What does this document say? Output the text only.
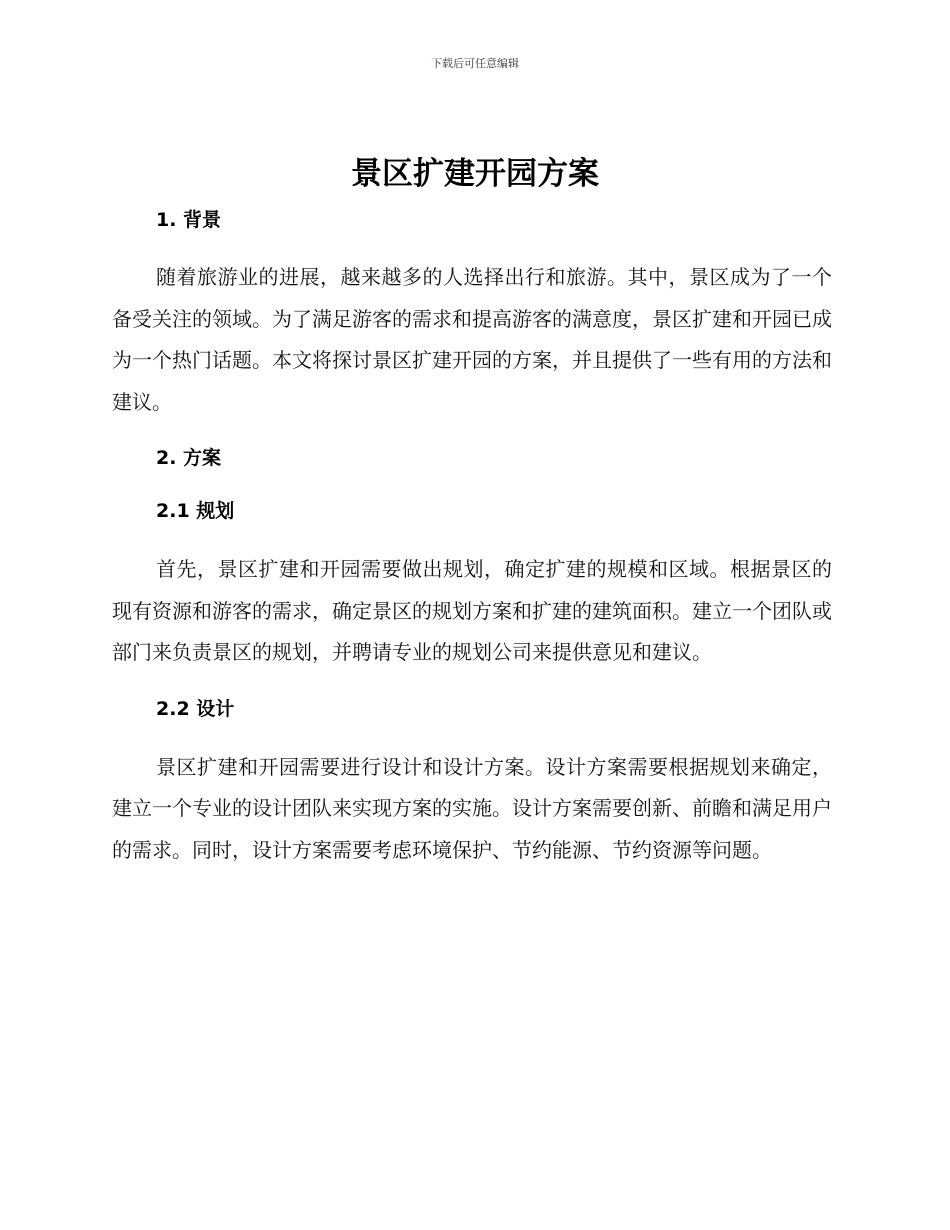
下载后可任意编辑
景区扩建开园方案

1. 背景

随着旅游业的进展，越来越多的人选择出行和旅游。其中，景区成为了一个备受关注的领域。为了满足游客的需求和提高游客的满意度，景区扩建和开园已成为一个热门话题。本文将探讨景区扩建开园的方案，并且提供了一些有用的方法和建议。

2. 方案

2.1 规划

首先，景区扩建和开园需要做出规划，确定扩建的规模和区域。根据景区的现有资源和游客的需求，确定景区的规划方案和扩建的建筑面积。建立一个团队或部门来负责景区的规划，并聘请专业的规划公司来提供意见和建议。

2.2 设计

景区扩建和开园需要进行设计和设计方案。设计方案需要根据规划来确定，建立一个专业的设计团队来实现方案的实施。设计方案需要创新、前瞻和满足用户的需求。同时，设计方案需要考虑环境保护、节约能源、节约资源等问题。
